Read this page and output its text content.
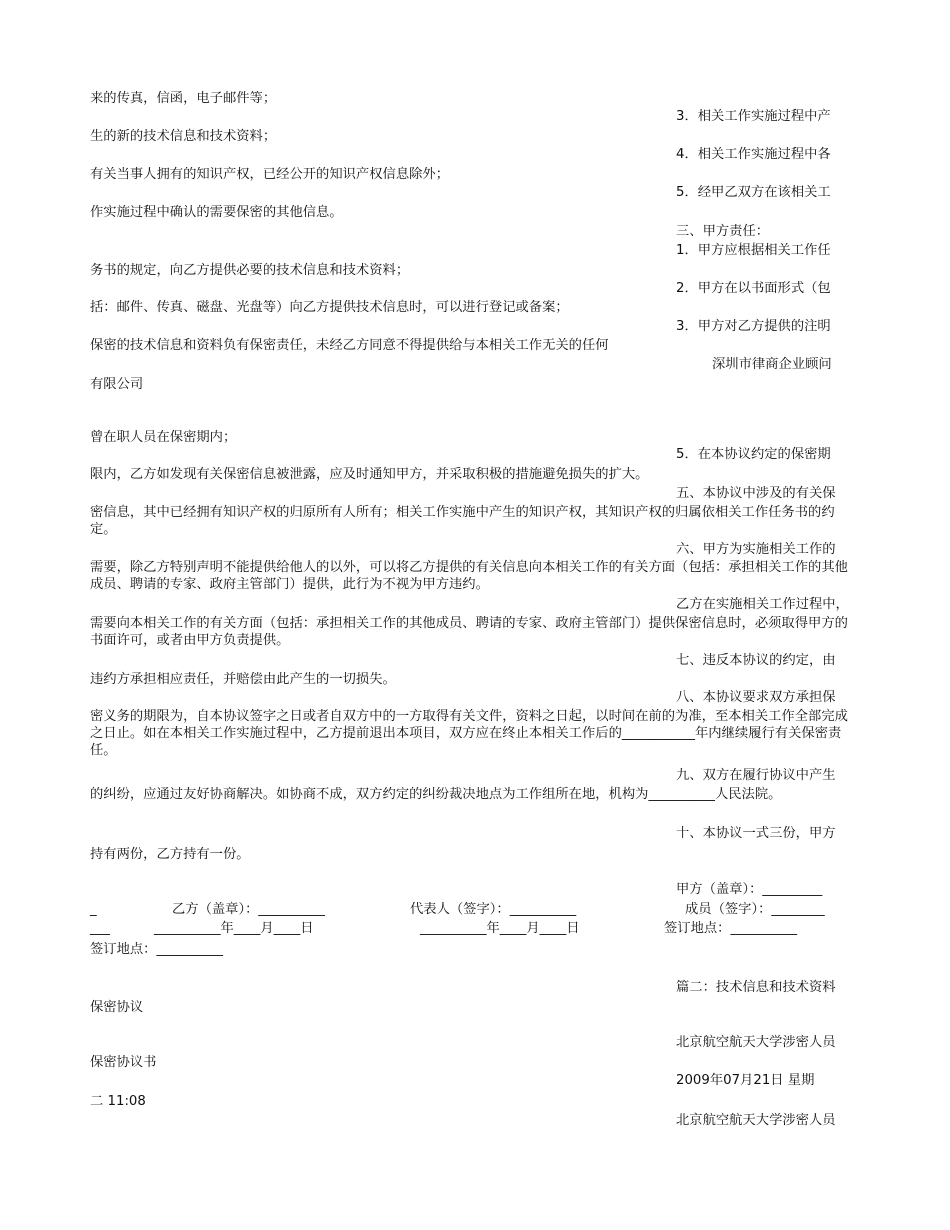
来的传真，信函，电子邮件等；
3．相关工作实施过程中产
生的新的技术信息和技术资料；
4．相关工作实施过程中各
有关当事人拥有的知识产权，已经公开的知识产权信息除外；
5．经甲乙双方在该相关工
作实施过程中确认的需要保密的其他信息。
三、甲方责任：
1．甲方应根据相关工作任
务书的规定，向乙方提供必要的技术信息和技术资料；
2．甲方在以书面形式（包
括：邮件、传真、磁盘、光盘等）向乙方提供技术信息时，可以进行登记或备案；
3．甲方对乙方提供的注明
保密的技术信息和资料负有保密责任，未经乙方同意不得提供给与本相关工作无关的任何
深圳市律商企业顾问
有限公司
曾在职人员在保密期内；
5．在本协议约定的保密期
限内，乙方如发现有关保密信息被泄露，应及时通知甲方，并采取积极的措施避免损失的扩大。
五、本协议中涉及的有关保
密信息，其中已经拥有知识产权的归原所有人所有；相关工作实施中产生的知识产权，其知识产权的归属依相关工作任务书的约定。
六、甲方为实施相关工作的
需要，除乙方特别声明不能提供给他人的以外，可以将乙方提供的有关信息向本相关工作的有关方面（包括：承担相关工作的其他成员、聘请的专家、政府主管部门）提供，此行为不视为甲方违约。
乙方在实施相关工作过程中，
需要向本相关工作的有关方面（包括：承担相关工作的其他成员、聘请的专家、政府主管部门）提供保密信息时，必须取得甲方的书面许可，或者由甲方负责提供。
七、违反本协议的约定，由
违约方承担相应责任，并赔偿由此产生的一切损失。
八、本协议要求双方承担保
密义务的期限为，自本协议签字之日或者自双方中的一方取得有关文件，资料之日起，以时间在前的为准，至本相关工作全部完成之日止。如在本相关工作实施过程中，乙方提前退出本项目，双方应在终止本相关工作后的___________年内继续履行有关保密责任。
九、双方在履行协议中产生
的纠纷，应通过友好协商解决。如协商不成，双方约定的纠纷裁决地点为工作组所在地，机构为__________人民法院。
十、本协议一式三份，甲方
持有两份，乙方持有一份。
甲方（盖章）：_________
_	乙方（盖章）：__________	代表人（签字）：__________	成员（签字）：________
___	__________年____月____日	__________年____月____日	签订地点：__________
签订地点：__________
篇二：技术信息和技术资料
保密协议
北京航空航天大学涉密人员
保密协议书
2009年07月21日 星期
二 11:08
北京航空航天大学涉密人员
